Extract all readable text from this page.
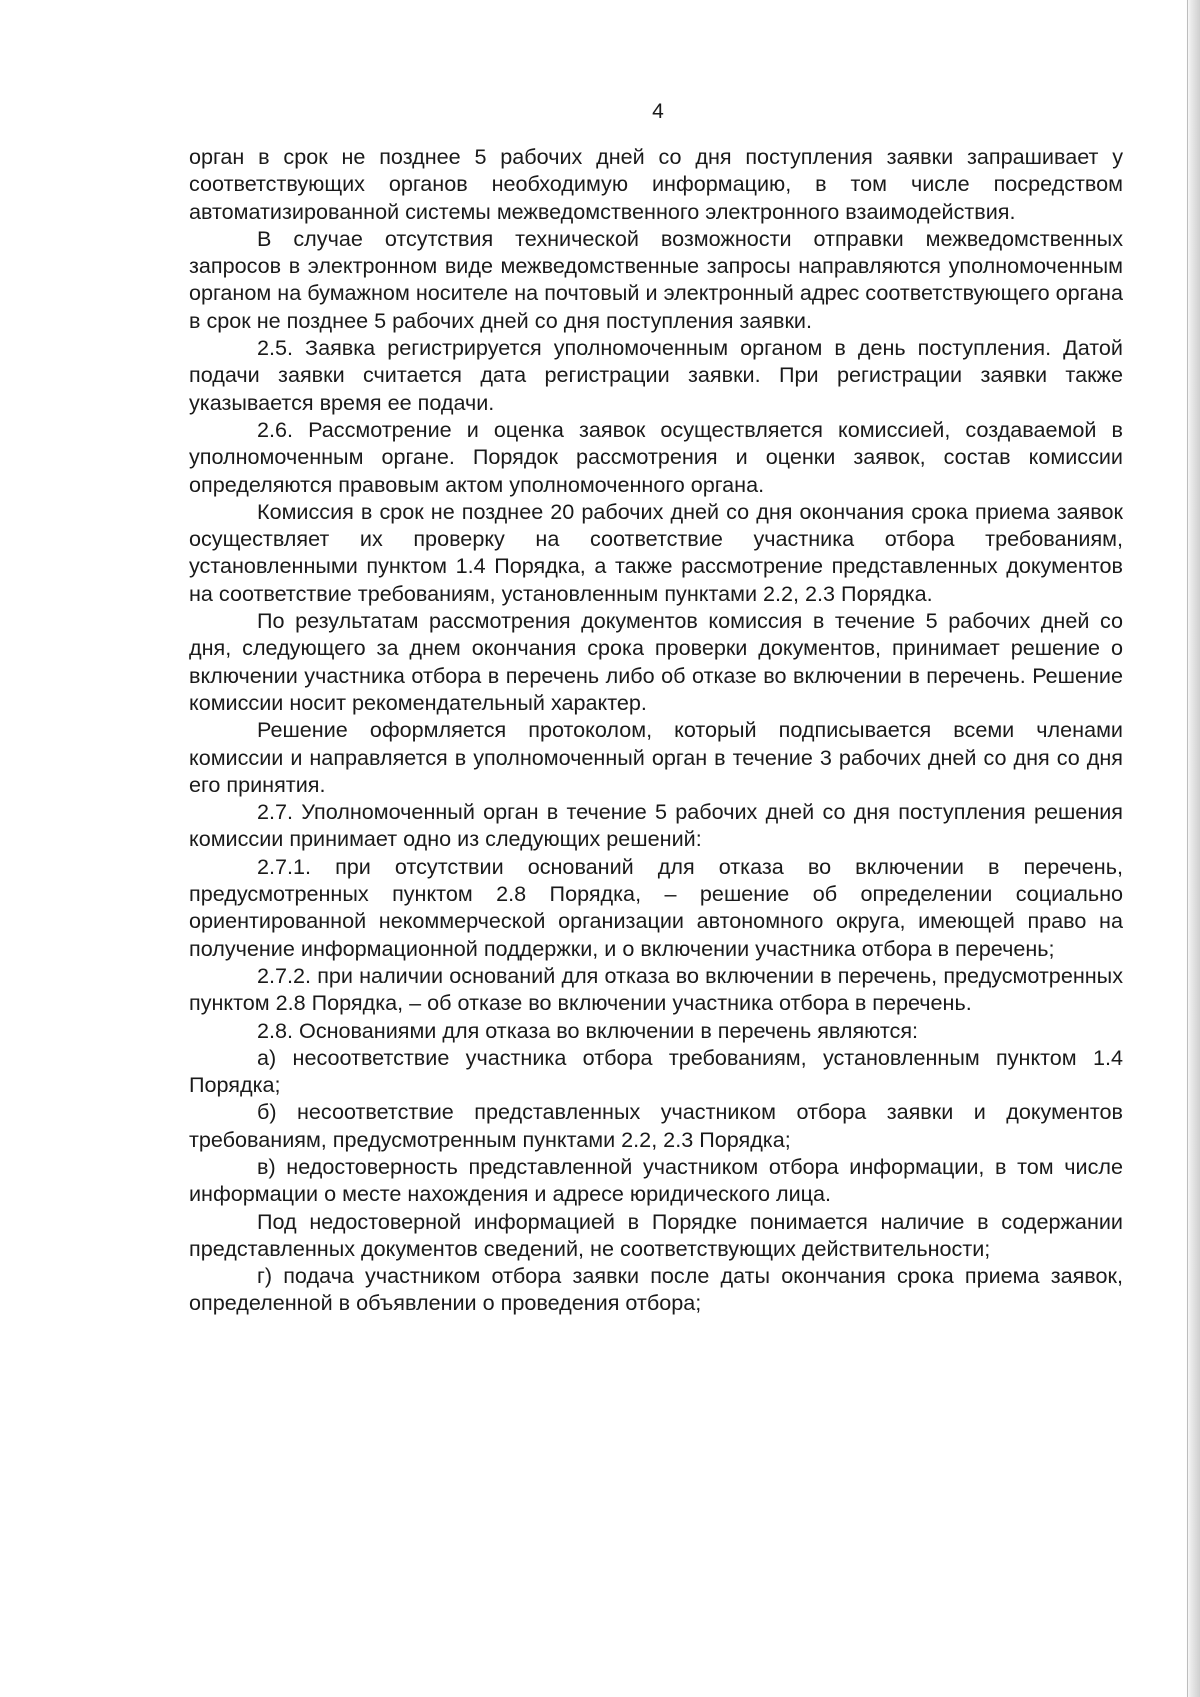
4

орган в срок не позднее 5 рабочих дней со дня поступления заявки запрашивает у соответствующих органов необходимую информацию, в том числе посредством автоматизированной системы межведомственного электронного взаимодействия.

В случае отсутствия технической возможности отправки межведомственных запросов в электронном виде межведомственные запросы направляются уполномоченным органом на бумажном носителе на почтовый и электронный адрес соответствующего органа в срок не позднее 5 рабочих дней со дня поступления заявки.

2.5. Заявка регистрируется уполномоченным органом в день поступления. Датой подачи заявки считается дата регистрации заявки. При регистрации заявки также указывается время ее подачи.

2.6. Рассмотрение и оценка заявок осуществляется комиссией, создаваемой в уполномоченным органе. Порядок рассмотрения и оценки заявок, состав комиссии определяются правовым актом уполномоченного органа.

Комиссия в срок не позднее 20 рабочих дней со дня окончания срока приема заявок осуществляет их проверку на соответствие участника отбора требованиям, установленными пунктом 1.4 Порядка, а также рассмотрение представленных документов на соответствие требованиям, установленным пунктами 2.2, 2.3 Порядка.

По результатам рассмотрения документов комиссия в течение 5 рабочих дней со дня, следующего за днем окончания срока проверки документов, принимает решение о включении участника отбора в перечень либо об отказе во включении в перечень. Решение комиссии носит рекомендательный характер.

Решение оформляется протоколом, который подписывается всеми членами комиссии и направляется в уполномоченный орган в течение 3 рабочих дней со дня со дня его принятия.

2.7. Уполномоченный орган в течение 5 рабочих дней со дня поступления решения комиссии принимает одно из следующих решений:

2.7.1. при отсутствии оснований для отказа во включении в перечень, предусмотренных пунктом 2.8 Порядка, – решение об определении социально ориентированной некоммерческой организации автономного округа, имеющей право на получение информационной поддержки, и о включении участника отбора в перечень;

2.7.2. при наличии оснований для отказа во включении в перечень, предусмотренных пунктом 2.8 Порядка, – об отказе во включении участника отбора в перечень.

2.8. Основаниями для отказа во включении в перечень являются:

а) несоответствие участника отбора требованиям, установленным пунктом 1.4 Порядка;

б) несоответствие представленных участником отбора заявки и документов требованиям, предусмотренным пунктами 2.2, 2.3 Порядка;

в) недостоверность представленной участником отбора информации, в том числе информации о месте нахождения и адресе юридического лица.

Под недостоверной информацией в Порядке понимается наличие в содержании представленных документов сведений, не соответствующих действительности;

г) подача участником отбора заявки после даты окончания срока приема заявок, определенной в объявлении о проведения отбора;
